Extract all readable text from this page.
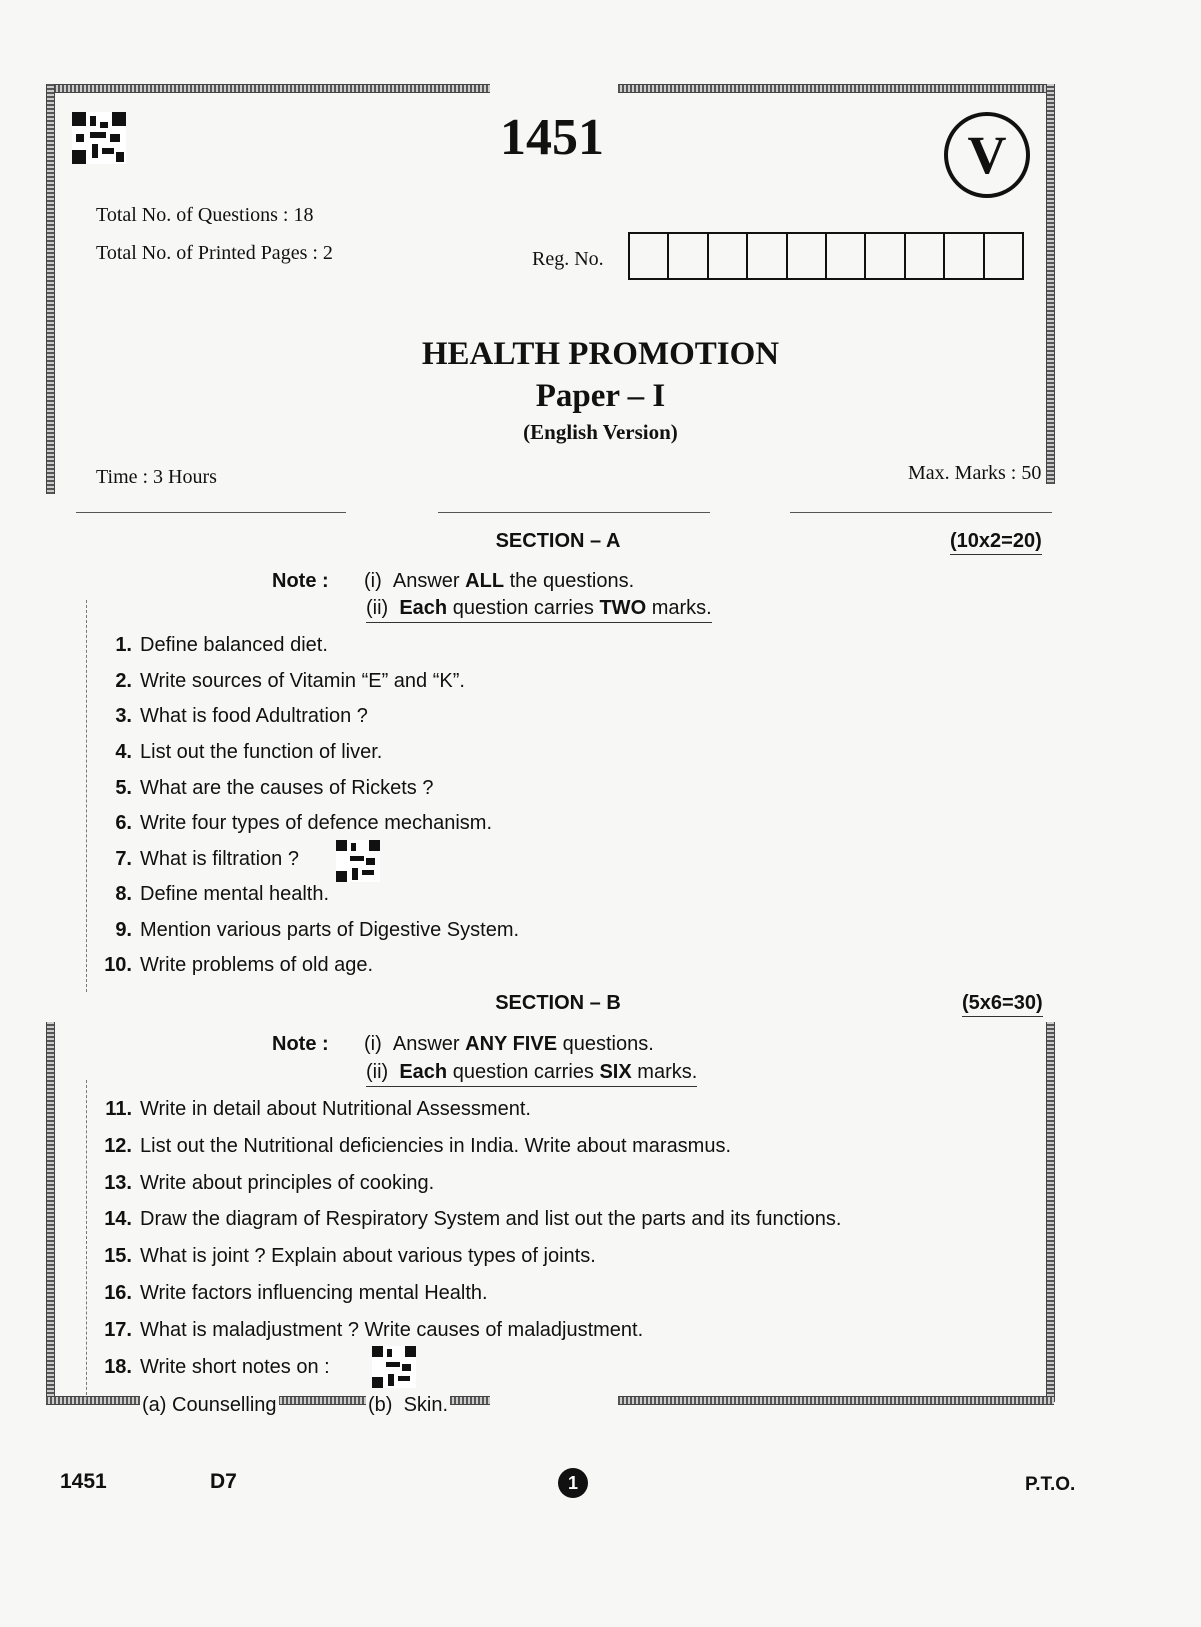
1451	V
Total No. of Questions : 18
Total No. of Printed Pages : 2	Reg. No.
HEALTH PROMOTION
Paper – I
(English Version)
Time : 3 Hours	Max. Marks : 50
SECTION – A	(10x2=20)
Note : (i) Answer ALL the questions.
(ii) Each question carries TWO marks.
1. Define balanced diet.
2. Write sources of Vitamin “E” and “K”.
3. What is food Adultration ?
4. List out the function of liver.
5. What are the causes of Rickets ?
6. Write four types of defence mechanism.
7. What is filtration ?
8. Define mental health.
9. Mention various parts of Digestive System.
10. Write problems of old age.
SECTION – B	(5x6=30)
Note : (i) Answer ANY FIVE questions.
(ii) Each question carries SIX marks.
11. Write in detail about Nutritional Assessment.
12. List out the Nutritional deficiencies in India. Write about marasmus.
13. Write about principles of cooking.
14. Draw the diagram of Respiratory System and list out the parts and its functions.
15. What is joint ? Explain about various types of joints.
16. Write factors influencing mental Health.
17. What is maladjustment ? Write causes of maladjustment.
18. Write short notes on :
(a) Counselling	(b) Skin.
1451	D7	1	P.T.O.
